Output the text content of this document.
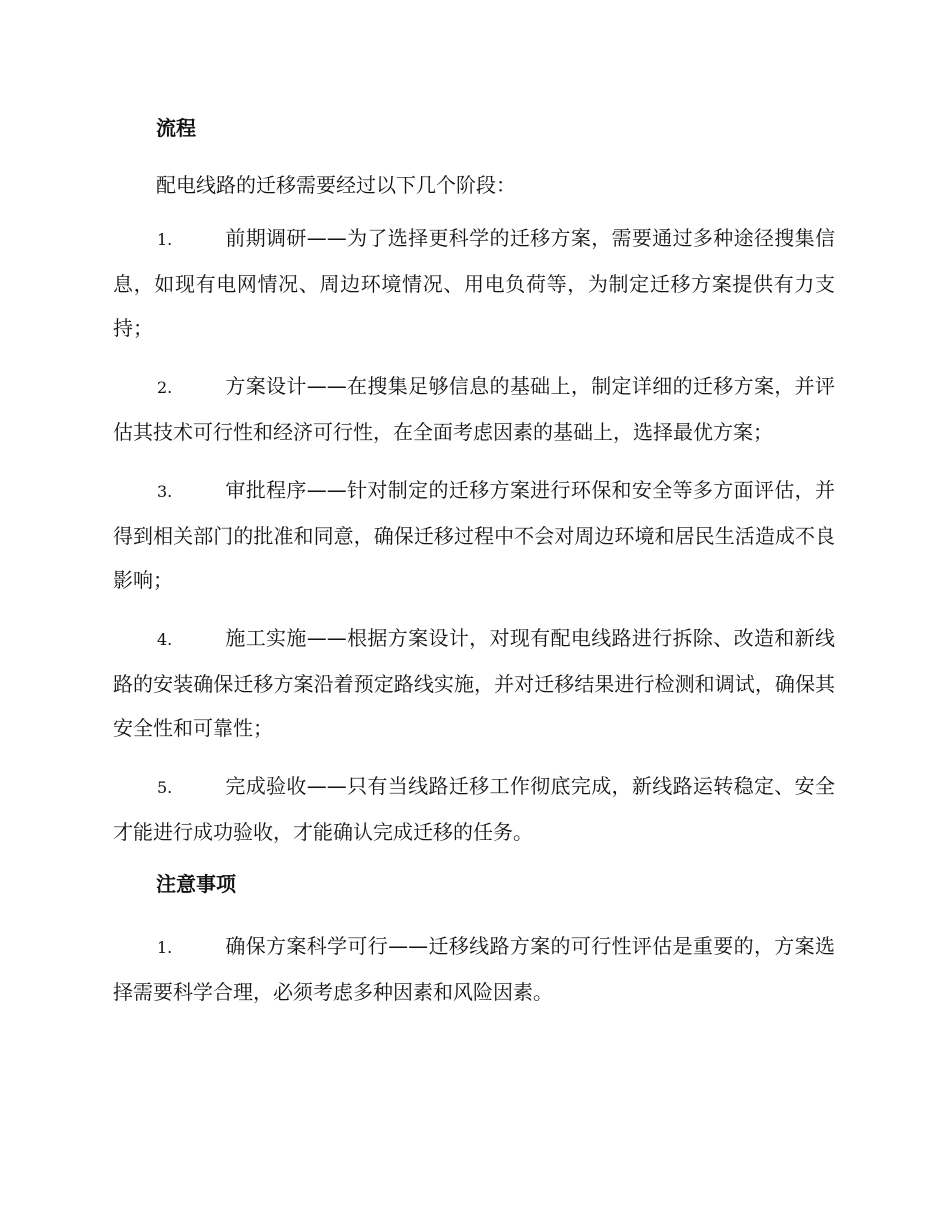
流程

配电线路的迁移需要经过以下几个阶段：

1.	前期调研——为了选择更科学的迁移方案，需要通过多种途径搜集信息，如现有电网情况、周边环境情况、用电负荷等，为制定迁移方案提供有力支持；

2.	方案设计——在搜集足够信息的基础上，制定详细的迁移方案，并评估其技术可行性和经济可行性，在全面考虑因素的基础上，选择最优方案；

3.	审批程序——针对制定的迁移方案进行环保和安全等多方面评估，并得到相关部门的批准和同意，确保迁移过程中不会对周边环境和居民生活造成不良影响；

4.	施工实施——根据方案设计，对现有配电线路进行拆除、改造和新线路的安装确保迁移方案沿着预定路线实施，并对迁移结果进行检测和调试，确保其安全性和可靠性；

5.	完成验收——只有当线路迁移工作彻底完成，新线路运转稳定、安全才能进行成功验收，才能确认完成迁移的任务。

注意事项

1.	确保方案科学可行——迁移线路方案的可行性评估是重要的，方案选择需要科学合理，必须考虑多种因素和风险因素。
